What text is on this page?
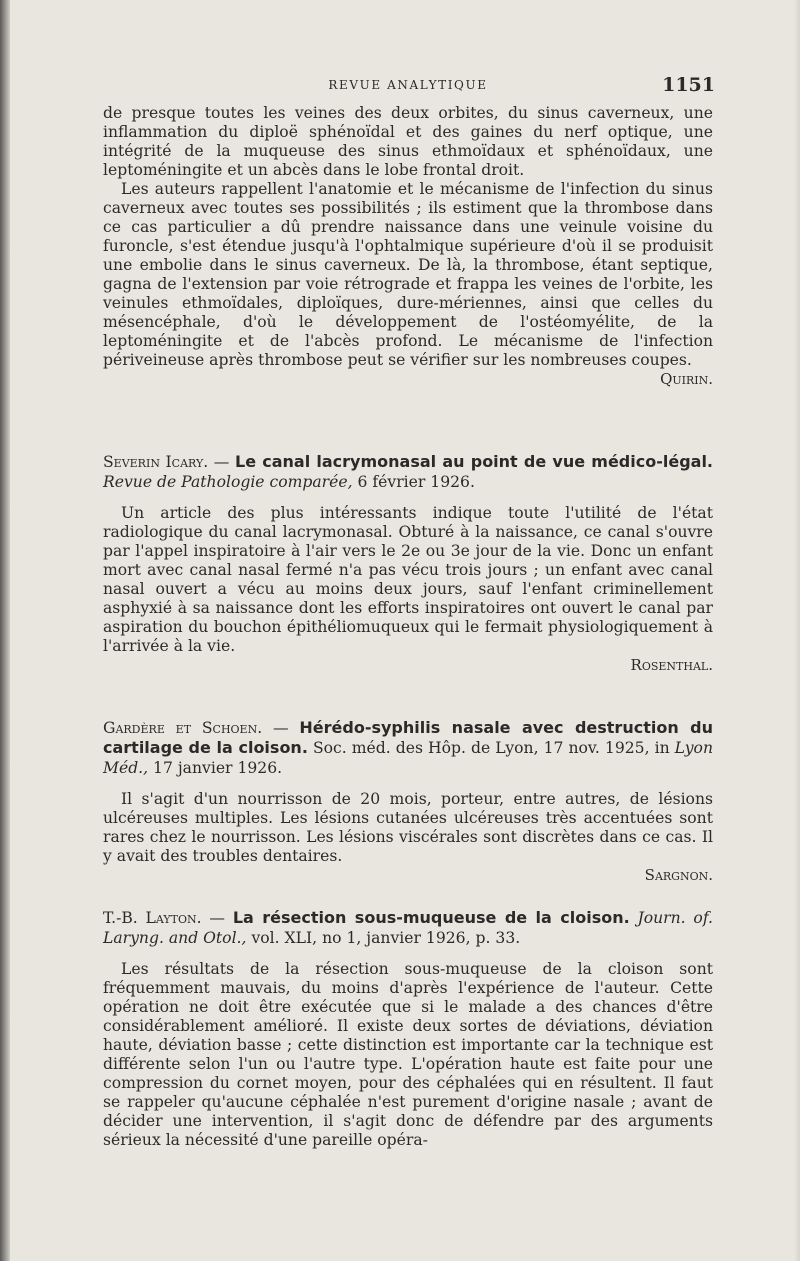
REVUE ANALYTIQUE	1151

de presque toutes les veines des deux orbites, du sinus caverneux, une inflammation du diploë sphénoïdal et des gaines du nerf optique, une intégrité de la muqueuse des sinus ethmoïdaux et sphénoïdaux, une leptoméningite et un abcès dans le lobe frontal droit.

Les auteurs rappellent l'anatomie et le mécanisme de l'infection du sinus caverneux avec toutes ses possibilités ; ils estiment que la thrombose dans ce cas particulier a dû prendre naissance dans une veinule voisine du furoncle, s'est étendue jusqu'à l'ophtalmique supérieure d'où il se produisit une embolie dans le sinus caverneux. De là, la thrombose, étant septique, gagna de l'extension par voie rétrograde et frappa les veines de l'orbite, les veinules ethmoïdales, diploïques, dure-mériennes, ainsi que celles du mésencéphale, d'où le développement de l'ostéomyélite, de la leptoméningite et de l'abcès profond. Le mécanisme de l'infection périveineuse après thrombose peut se vérifier sur les nombreuses coupes.

Quirin.

Severin Icary. — Le canal lacrymonasal au point de vue médico-légal. Revue de Pathologie comparée, 6 février 1926.

Un article des plus intéressants indique toute l'utilité de l'état radiologique du canal lacrymonasal. Obturé à la naissance, ce canal s'ouvre par l'appel inspiratoire à l'air vers le 2e ou 3e jour de la vie. Donc un enfant mort avec canal nasal fermé n'a pas vécu trois jours ; un enfant avec canal nasal ouvert a vécu au moins deux jours, sauf l'enfant criminellement asphyxié à sa naissance dont les efforts inspiratoires ont ouvert le canal par aspiration du bouchon épithéliomuqueux qui le fermait physiologiquement à l'arrivée à la vie.

Rosenthal.

Gardère et Schoen. — Hérédo-syphilis nasale avec destruction du cartilage de la cloison. Soc. méd. des Hôp. de Lyon, 17 nov. 1925, in Lyon Méd., 17 janvier 1926.

Il s'agit d'un nourrisson de 20 mois, porteur, entre autres, de lésions ulcéreuses multiples. Les lésions cutanées ulcéreuses très accentuées sont rares chez le nourrisson. Les lésions viscérales sont discrètes dans ce cas. Il y avait des troubles dentaires.

Sargnon.

T.-B. Layton. — La résection sous-muqueuse de la cloison. Journ. of. Laryng. and Otol., vol. XLI, no 1, janvier 1926, p. 33.

Les résultats de la résection sous-muqueuse de la cloison sont fréquemment mauvais, du moins d'après l'expérience de l'auteur. Cette opération ne doit être exécutée que si le malade a des chances d'être considérablement amélioré. Il existe deux sortes de déviations, déviation haute, déviation basse ; cette distinction est importante car la technique est différente selon l'un ou l'autre type. L'opération haute est faite pour une compression du cornet moyen, pour des céphalées qui en résultent. Il faut se rappeler qu'aucune céphalée n'est purement d'origine nasale ; avant de décider une intervention, il s'agit donc de défendre par des arguments sérieux la nécessité d'une pareille opéra-
